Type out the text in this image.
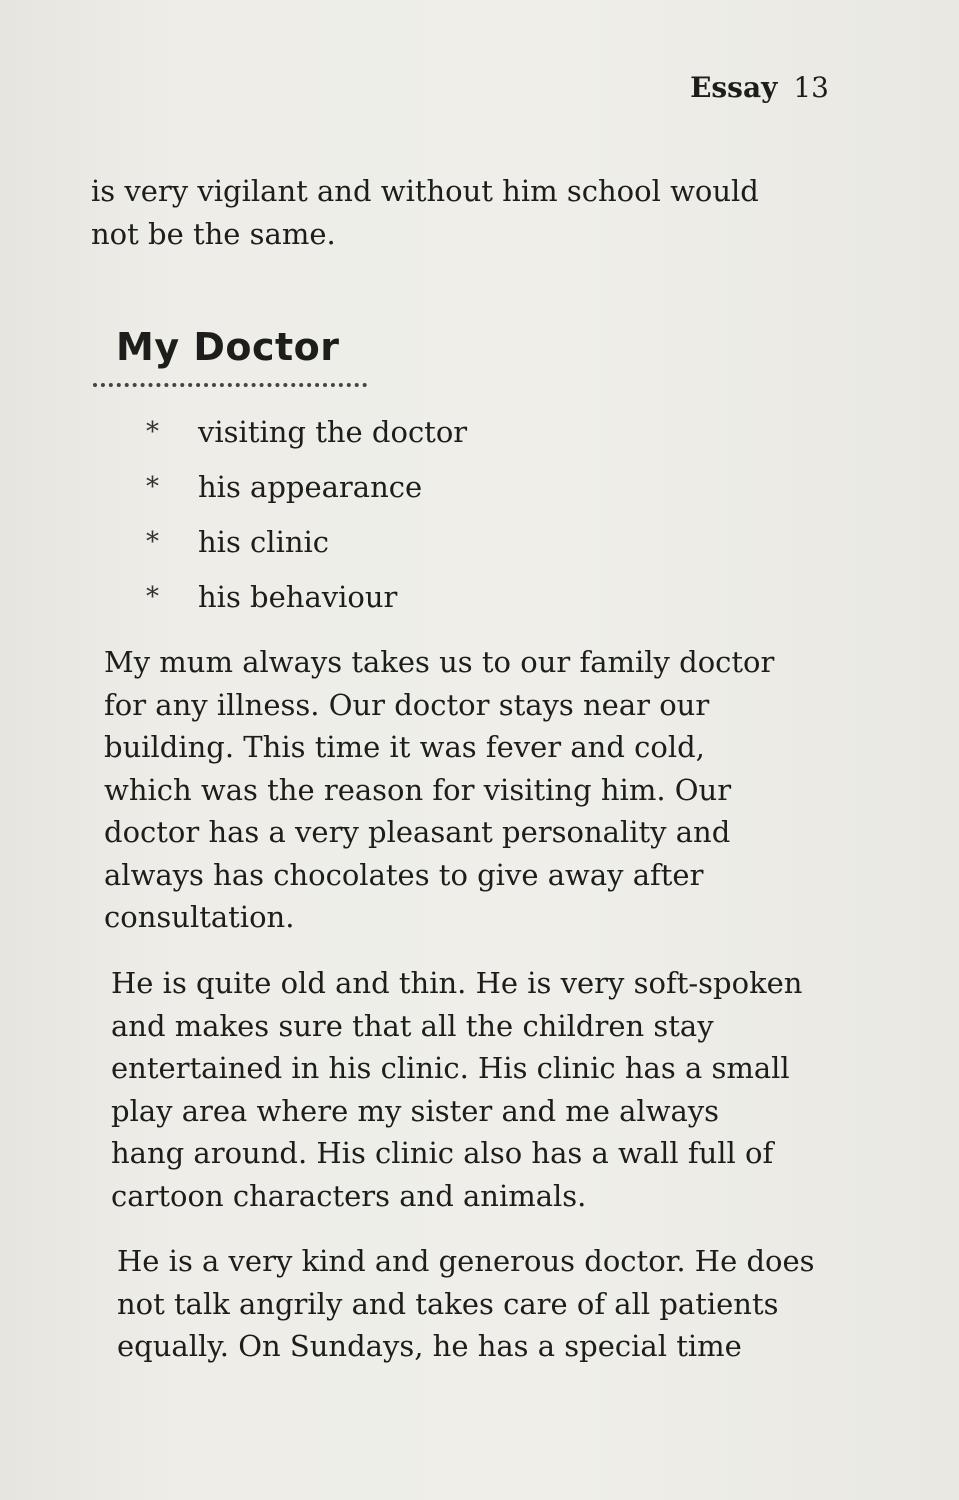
Essay 13
is very vigilant and without him school would
not be the same.
My Doctor
*	visiting the doctor
*	his appearance
*	his clinic
*	his behaviour
My mum always takes us to our family doctor
for any illness. Our doctor stays near our
building. This time it was fever and cold,
which was the reason for visiting him. Our
doctor has a very pleasant personality and
always has chocolates to give away after
consultation.
He is quite old and thin. He is very soft-spoken
and makes sure that all the children stay
entertained in his clinic. His clinic has a small
play area where my sister and me always
hang around. His clinic also has a wall full of
cartoon characters and animals.
He is a very kind and generous doctor. He does
not talk angrily and takes care of all patients
equally. On Sundays, he has a special time
